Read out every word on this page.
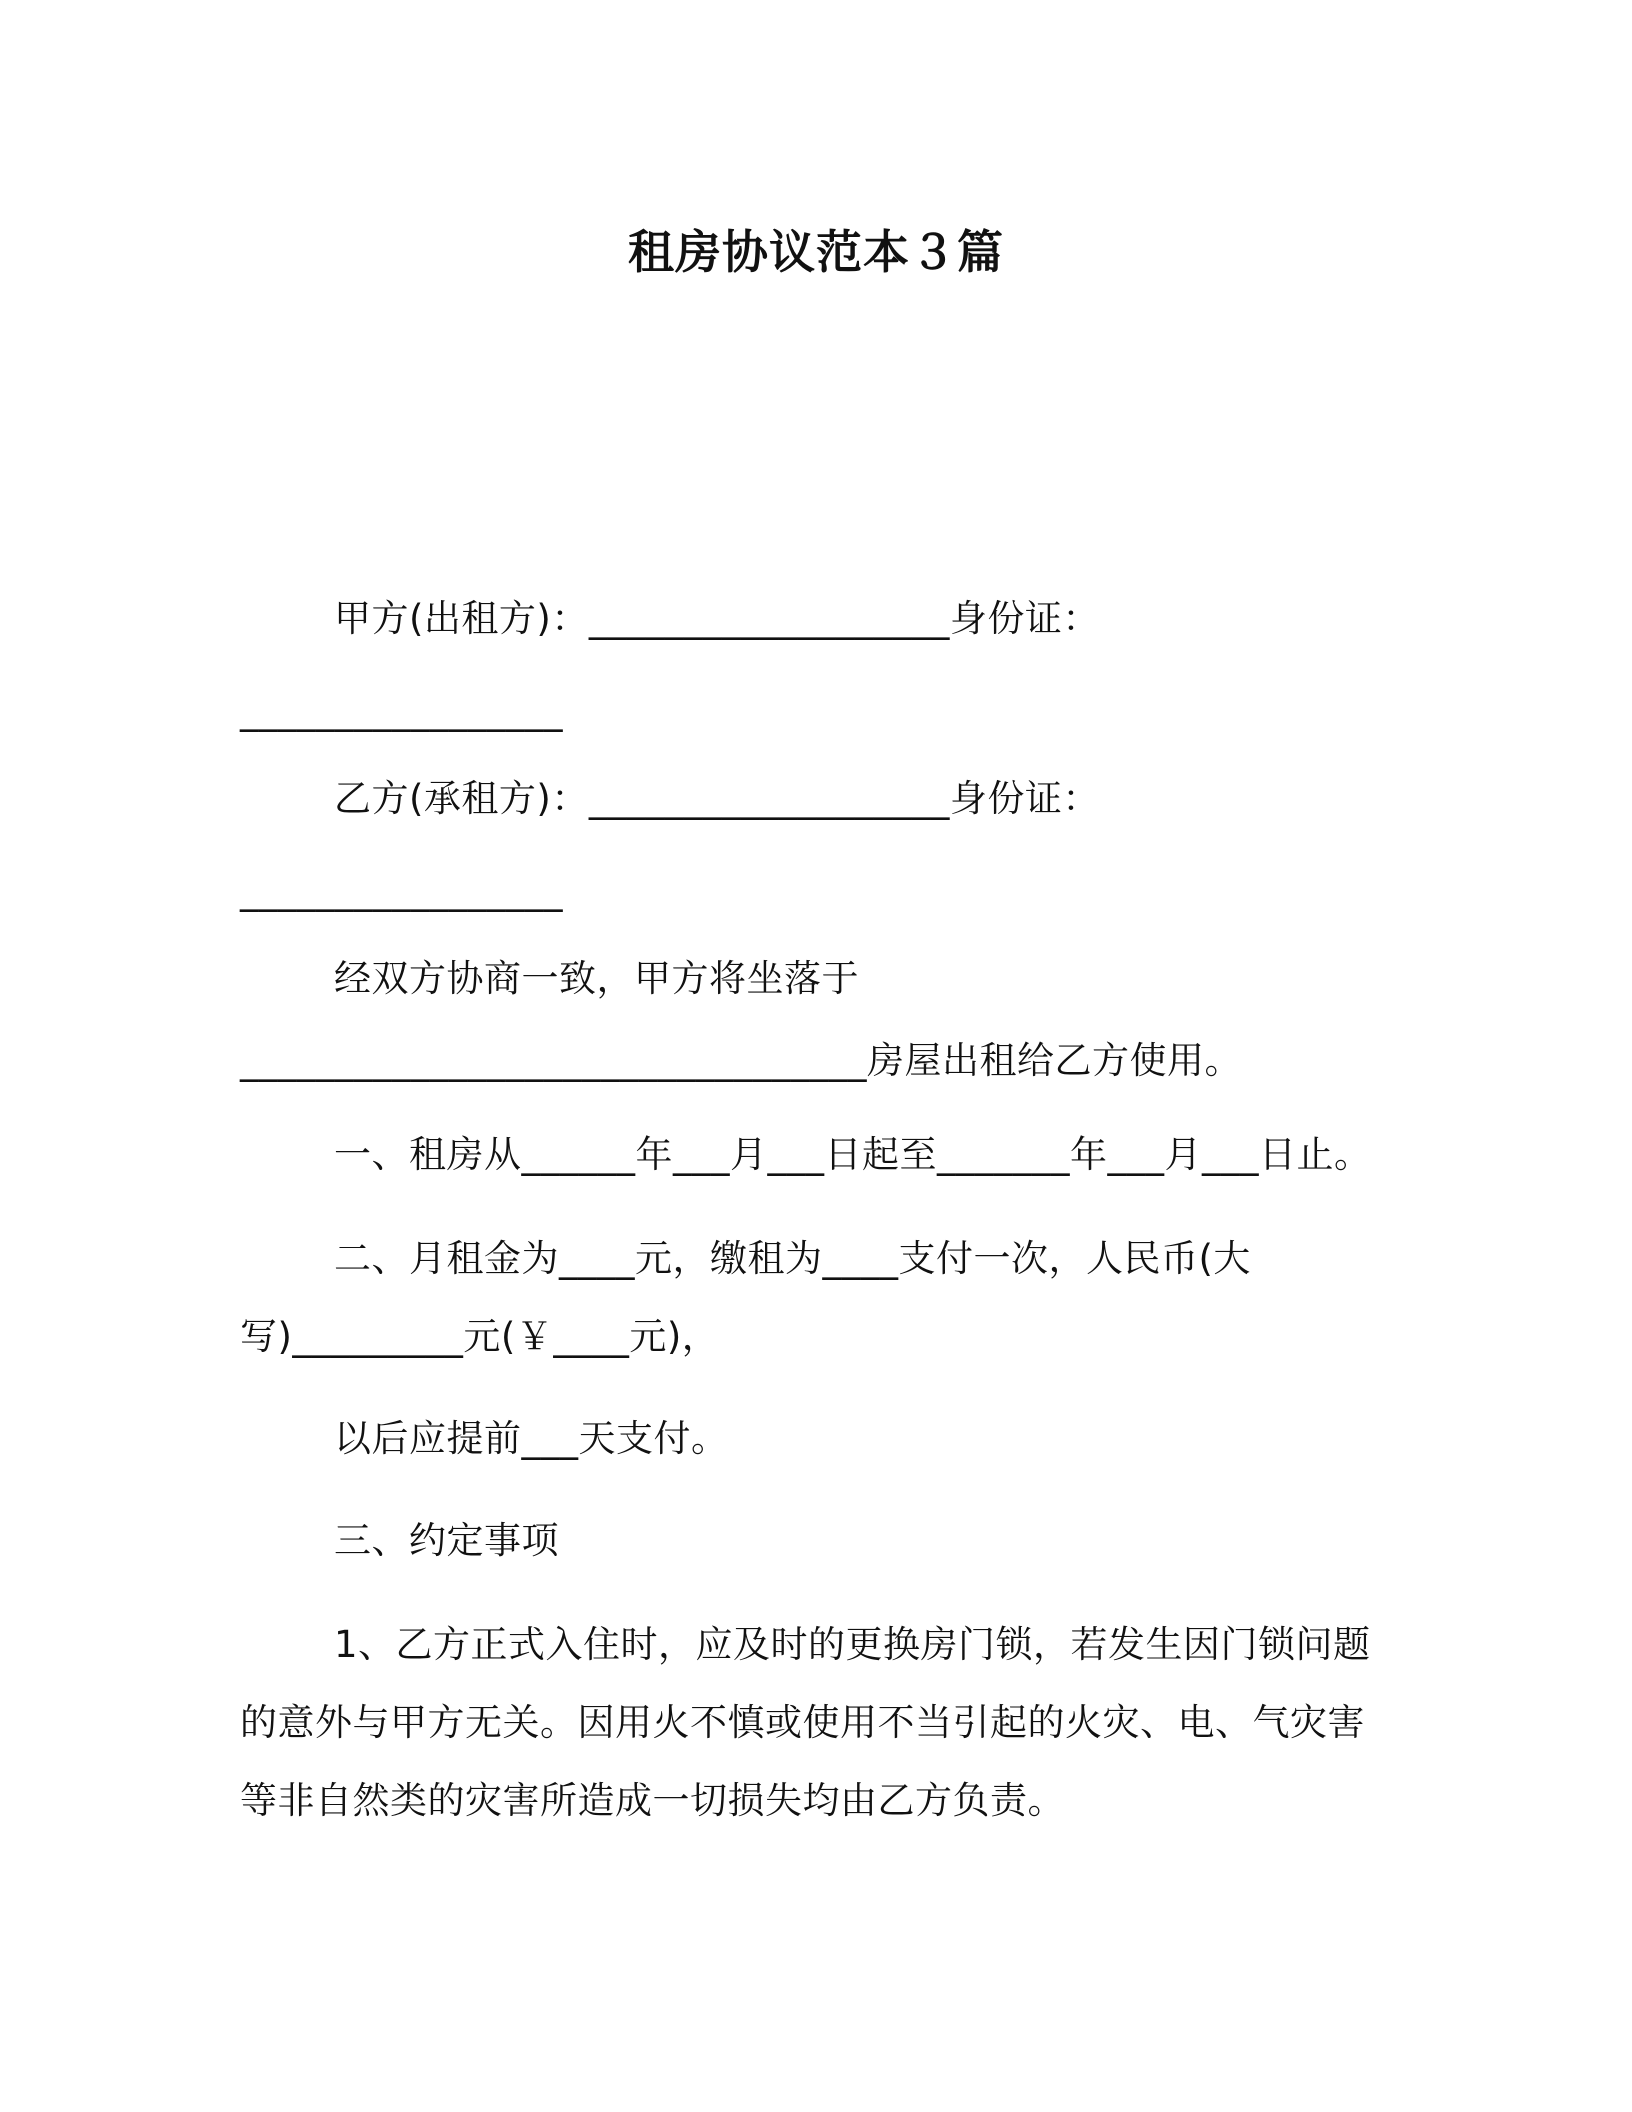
租房协议范本３篇
甲方(出租方)：___________________身份证：
_________________
乙方(承租方)：___________________身份证：
_________________
经双方协商一致，甲方将坐落于
_________________________________房屋出租给乙方使用。
一、租房从______年___月___日起至_______年___月___日止。
二、月租金为____元，缴租为____支付一次，人民币(大
写)_________元(￥____元)，
以后应提前___天支付。
三、约定事项
1、乙方正式入住时，应及时的更换房门锁，若发生因门锁问题
的意外与甲方无关。因用火不慎或使用不当引起的火灾、电、气灾害
等非自然类的灾害所造成一切损失均由乙方负责。
